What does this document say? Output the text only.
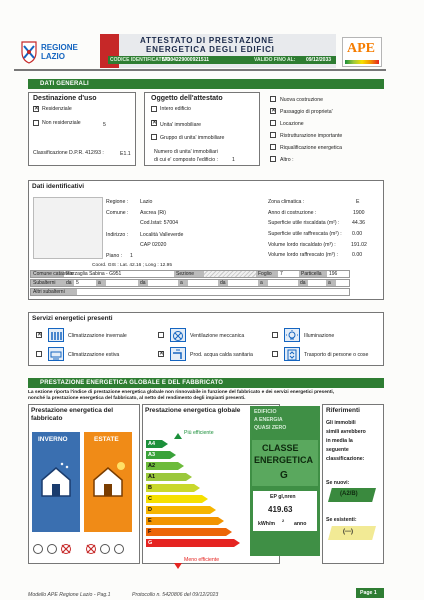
REGIONE
LAZIO
ATTESTATO DI PRESTAZIONE
ENERGETICA DEGLI EDIFICI
CODICE IDENTIFICATIVO:
57004229000921511	VALIDO FINO AL: 09/12/2033
APE
DATI GENERALI
Destinazione d'uso
✕
Residenziale
Non residenziale	5
Classificazione D.P.R. 412/93 :	E1.1
Oggetto dell'attestato
Intero edificio
✕
Unita' immobiliare
Gruppo di unita' immobiliare
Numero di unita' immobiliari
di cui e' composto l'edificio :	1
Nuova costruzione
✕
Passaggio di proprieta'
Locazione
Ristrutturazione importante
Riqualificazione energetica
Altro :
Dati identificativi
Regione : Lazio
Comune : Ascrea (Ri)
Cod.Istat: 57004
Indirizzo : Località Valleverde
CAP 02020
Piano : 1
Coord. GIS : Lat. 42.16 ; Long : 12.95
Zona climatica :	E
Anno di costruzione :	1900
Superficie utile riscaldata (m²) : 44.36
Superficie utile raffrescata (m²) : 0.00
Volume lordo riscaldato (m³) :	191.02
Volume lordo raffrescato (m³) :	0.00
Comune catastale
Pozzaglia Sabina - G951	Sezione	Foglio	7	Particella	196
Subalterni	da 5	a	da	a	da	a	da	a
Altri subalterni
Servizi energetici presenti
✕
Climatizzazione invernale
Climatizzazione estiva
Ventilazione meccanica
✕
Prod. acqua calda sanitaria
Illuminazione
Trasporto di persone o cose
PRESTAZIONE ENERGETICA GLOBALE E DEL FABBRICATO
La sezione riporta l'indice di prestazione energetica globale non rinnovabile in funzione del fabbricato e dei servizi energetici presenti,
nonché la prestazione energetica del fabbricato, al netto del rendimento degli impianti presenti.
Prestazione energetica del
fabbricato
INVERNO	ESTATE
Prestazione energetica globale
Più efficiente
A4
A3
A2
A1
B
C
D
E
F
G
Meno efficiente
EDIFICIO
A ENERGIA
QUASI ZERO
CLASSE
ENERGETICA
G
EP gl,nren
419.63
kWh/m
2
anno
Riferimenti
Gli immobili
simili avrebbero
in media la
seguente
classificazione:
Se nuovi:
(A2/B)
Se esistenti:
(---)
Modello APE Regione Lazio - Pag.1	Protocollo n. 5420806 del 09/12/2023	Page 1
